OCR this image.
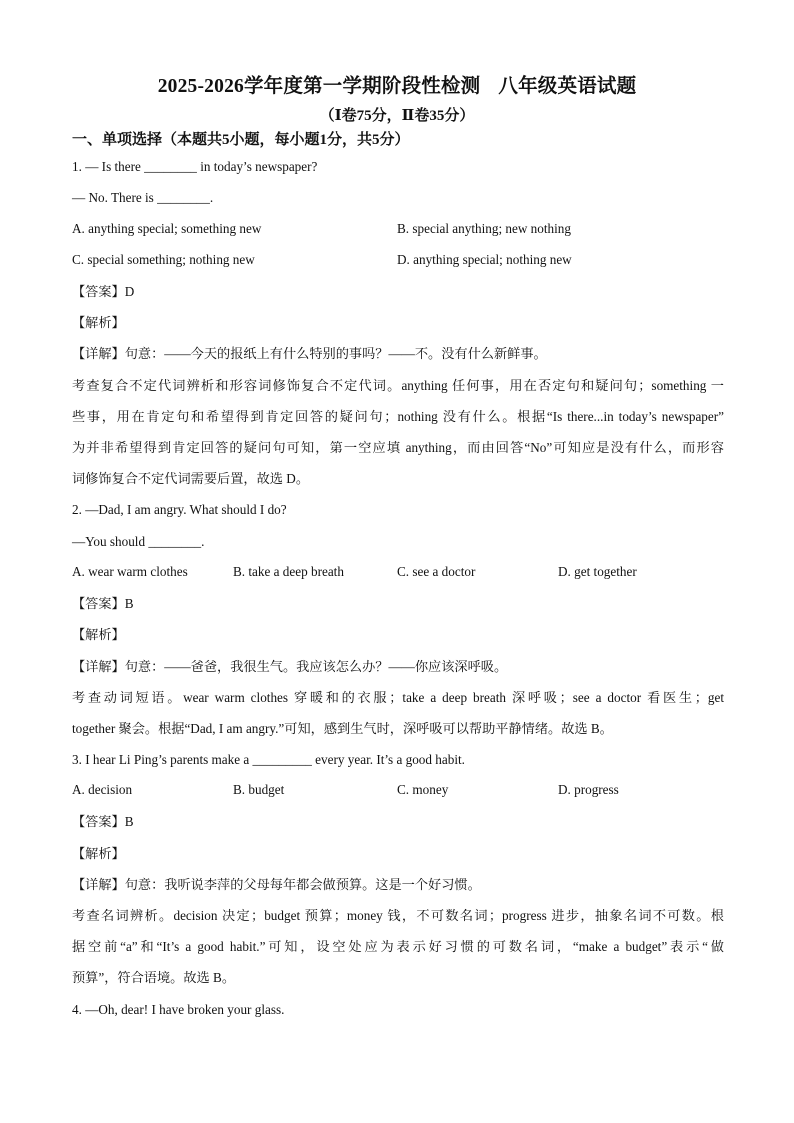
2025-2026学年度第一学期阶段性检测 八年级英语试题
（Ⅰ卷75分，Ⅱ卷35分）
一、单项选择（本题共5小题，每小题1分，共5分）
1. — Is there ________ in today’s newspaper?
— No. There is ________.
A. anything special; something new	B. special anything; new nothing
C. special something; nothing new	D. anything special; nothing new
【答案】D
【解析】
【详解】句意：——今天的报纸上有什么特别的事吗？——不。没有什么新鲜事。
考查复合不定代词辨析和形容词修饰复合不定代词。anything 任何事，用在否定句和疑问句；something 一
些事，用在肯定句和希望得到肯定回答的疑问句；nothing 没有什么。根据“Is there...in today’s newspaper”
为并非希望得到肯定回答的疑问句可知，第一空应填 anything，而由回答“No”可知应是没有什么，而形容
词修饰复合不定代词需要后置，故选 D。
2. —Dad, I am angry. What should I do?
—You should ________.
A. wear warm clothes	B. take a deep breath	C. see a doctor	D. get together
【答案】B
【解析】
【详解】句意：——爸爸，我很生气。我应该怎么办？——你应该深呼吸。
考查动词短语。wear warm clothes 穿暖和的衣服；take a deep breath 深呼吸；see a doctor 看医生；get
together 聚会。根据“Dad, I am angry.”可知，感到生气时，深呼吸可以帮助平静情绪。故选 B。
3. I hear Li Ping’s parents make a _________ every year. It’s a good habit.
A. decision	B. budget	C. money	D. progress
【答案】B
【解析】
【详解】句意：我听说李萍的父母每年都会做预算。这是一个好习惯。
考查名词辨析。decision 决定；budget 预算；money 钱，不可数名词；progress 进步，抽象名词不可数。根
据空前“a”和“It’s a good habit.”可知，设空处应为表示好习惯的可数名词，“make a budget”表示“做
预算”，符合语境。故选 B。
4. —Oh, dear! I have broken your glass.
